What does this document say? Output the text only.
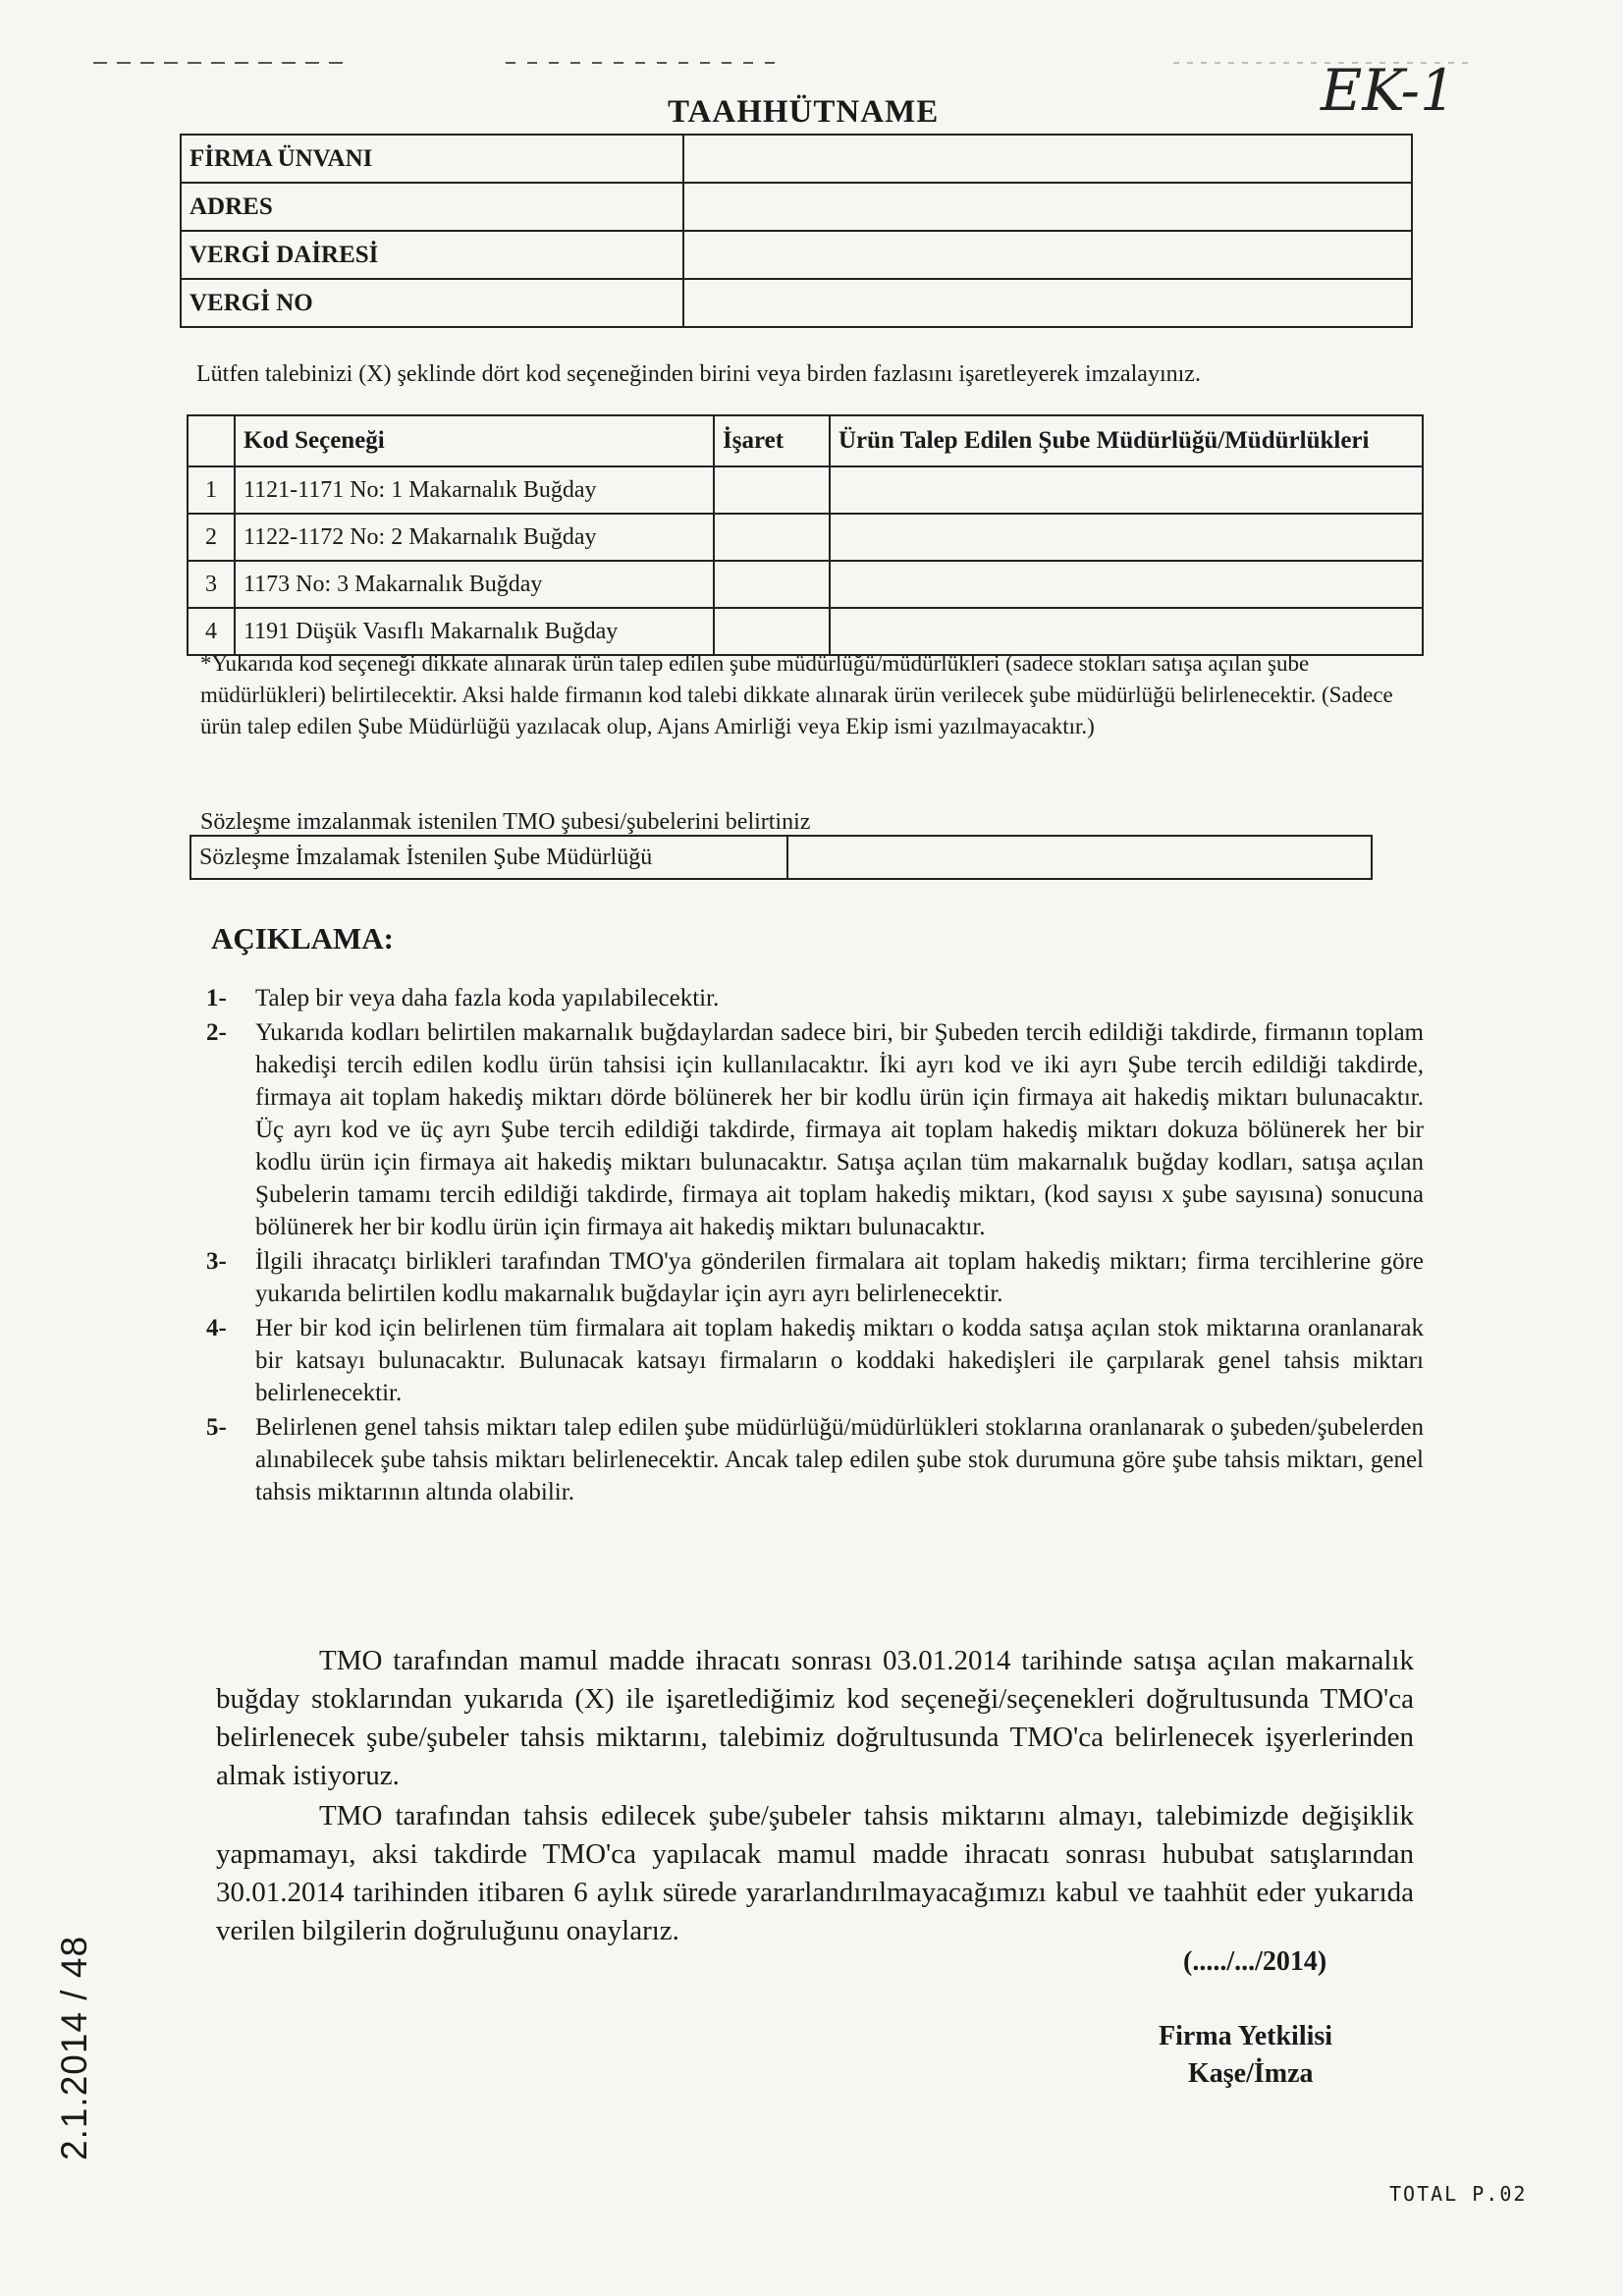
EK-1
TAAHHÜTNAME
FİRMA ÜNVANI	
ADRES	
VERGİ DAİRESİ	
VERGİ NO	
Lütfen talebinizi (X) şeklinde dört kod seçeneğinden birini veya birden fazlasını işaretleyerek imzalayınız.
	Kod Seçeneği	İşaret	Ürün Talep Edilen Şube Müdürlüğü/Müdürlükleri
1	1121-1171 No: 1 Makarnalık Buğday		
2	1122-1172 No: 2 Makarnalık Buğday		
3	1173 No: 3 Makarnalık Buğday		
4	1191 Düşük Vasıflı Makarnalık Buğday		
*Yukarıda kod seçeneği dikkate alınarak ürün talep edilen şube müdürlüğü/müdürlükleri (sadece stokları satışa açılan şube müdürlükleri) belirtilecektir. Aksi halde firmanın kod talebi dikkate alınarak ürün verilecek şube müdürlüğü belirlenecektir. (Sadece ürün talep edilen Şube Müdürlüğü yazılacak olup, Ajans Amirliği veya Ekip ismi yazılmayacaktır.)
Sözleşme imzalanmak istenilen TMO şubesi/şubelerini belirtiniz
Sözleşme İmzalamak İstenilen Şube Müdürlüğü	
AÇIKLAMA:
1-	Talep bir veya daha fazla koda yapılabilecektir.
2-	Yukarıda kodları belirtilen makarnalık buğdaylardan sadece biri, bir Şubeden tercih edildiği takdirde, firmanın toplam hakedişi tercih edilen kodlu ürün tahsisi için kullanılacaktır. İki ayrı kod ve iki ayrı Şube tercih edildiği takdirde, firmaya ait toplam hakediş miktarı dörde bölünerek her bir kodlu ürün için firmaya ait hakediş miktarı bulunacaktır. Üç ayrı kod ve üç ayrı Şube tercih edildiği takdirde, firmaya ait toplam hakediş miktarı dokuza bölünerek her bir kodlu ürün için firmaya ait hakediş miktarı bulunacaktır. Satışa açılan tüm makarnalık buğday kodları, satışa açılan Şubelerin tamamı tercih edildiği takdirde, firmaya ait toplam hakediş miktarı, (kod sayısı x şube sayısına) sonucuna bölünerek her bir kodlu ürün için firmaya ait hakediş miktarı bulunacaktır.
3-	İlgili ihracatçı birlikleri tarafından TMO'ya gönderilen firmalara ait toplam hakediş miktarı; firma tercihlerine göre yukarıda belirtilen kodlu makarnalık buğdaylar için ayrı ayrı belirlenecektir.
4-	Her bir kod için belirlenen tüm firmalara ait toplam hakediş miktarı o kodda satışa açılan stok miktarına oranlanarak bir katsayı bulunacaktır. Bulunacak katsayı firmaların o koddaki hakedişleri ile çarpılarak genel tahsis miktarı belirlenecektir.
5-	Belirlenen genel tahsis miktarı talep edilen şube müdürlüğü/müdürlükleri stoklarına oranlanarak o şubeden/şubelerden alınabilecek şube tahsis miktarı belirlenecektir. Ancak talep edilen şube stok durumuna göre şube tahsis miktarı, genel tahsis miktarının altında olabilir.
TMO tarafından mamul madde ihracatı sonrası 03.01.2014 tarihinde satışa açılan makarnalık buğday stoklarından yukarıda (X) ile işaretlediğimiz kod seçeneği/seçenekleri doğrultusunda TMO'ca belirlenecek şube/şubeler tahsis miktarını, talebimiz doğrultusunda TMO'ca belirlenecek işyerlerinden almak istiyoruz.
TMO tarafından tahsis edilecek şube/şubeler tahsis miktarını almayı, talebimizde değişiklik yapmamayı, aksi takdirde TMO'ca yapılacak mamul madde ihracatı sonrası hububat satışlarından 30.01.2014 tarihinden itibaren 6 aylık sürede yararlandırılmayacağımızı kabul ve taahhüt eder yukarıda verilen bilgilerin doğruluğunu onaylarız.
(...../.../2014)
Firma Yetkilisi
Kaşe/İmza
2.1.2014 / 48
TOTAL P.02
